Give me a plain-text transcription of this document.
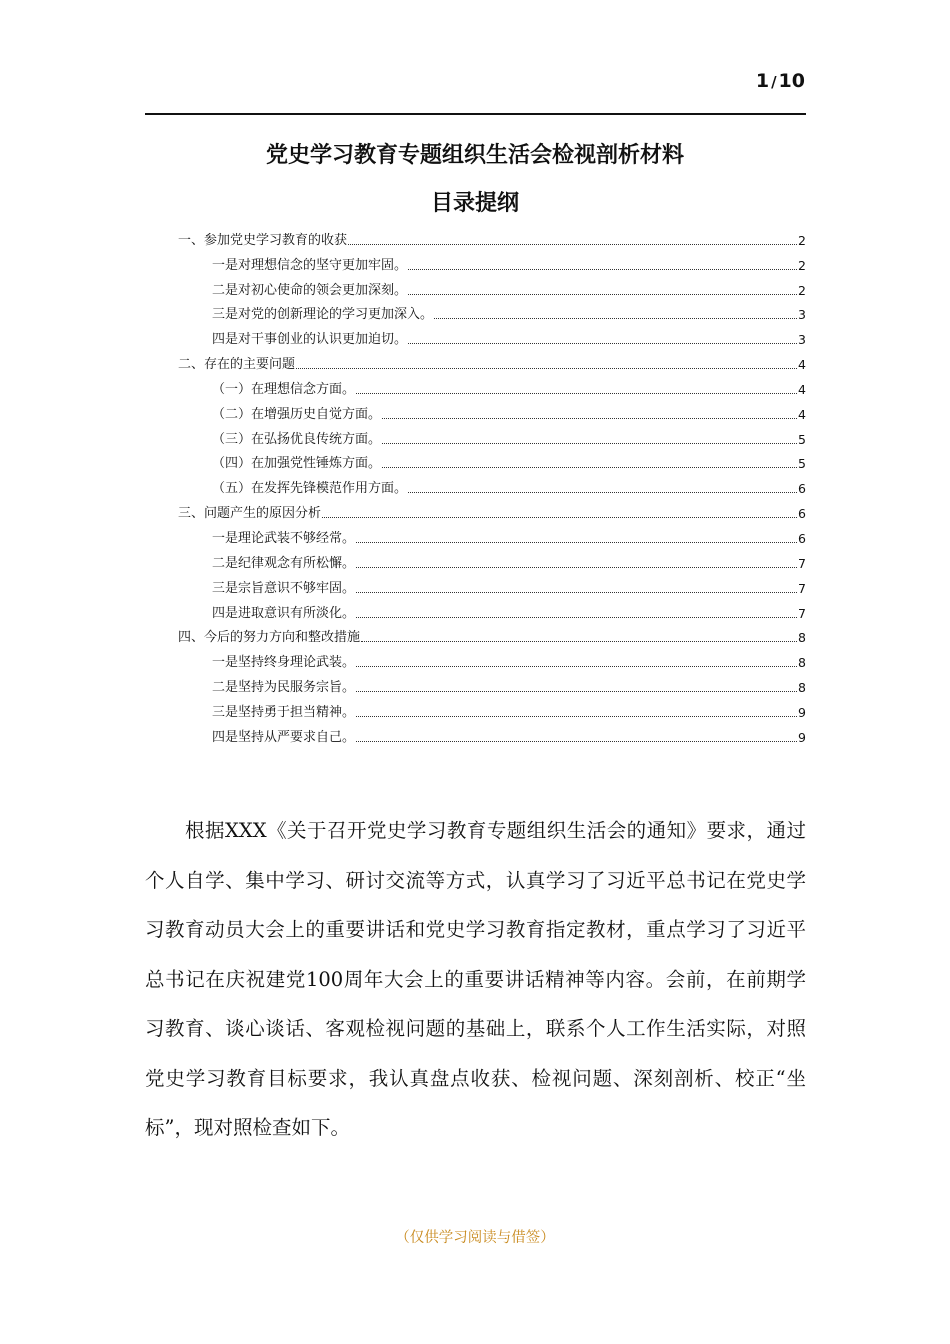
1 / 10
党史学习教育专题组织生活会检视剖析材料
目录提纲
一、参加党史学习教育的收获	2
一是对理想信念的坚守更加牢固。	2
二是对初心使命的领会更加深刻。	2
三是对党的创新理论的学习更加深入。	3
四是对干事创业的认识更加迫切。	3
二、存在的主要问题	4
（一）在理想信念方面。	4
（二）在增强历史自觉方面。	4
（三）在弘扬优良传统方面。	5
（四）在加强党性锤炼方面。	5
（五）在发挥先锋模范作用方面。	6
三、问题产生的原因分析	6
一是理论武装不够经常。	6
二是纪律观念有所松懈。	7
三是宗旨意识不够牢固。	7
四是进取意识有所淡化。	7
四、今后的努力方向和整改措施	8
一是坚持终身理论武装。	8
二是坚持为民服务宗旨。	8
三是坚持勇于担当精神。	9
四是坚持从严要求自己。	9

根据XXX《关于召开党史学习教育专题组织生活会的通知》要求，通过个人自学、集中学习、研讨交流等方式，认真学习了习近平总书记在党史学习教育动员大会上的重要讲话和党史学习教育指定教材，重点学习了习近平总书记在庆祝建党100周年大会上的重要讲话精神等内容。会前，在前期学习教育、谈心谈话、客观检视问题的基础上，联系个人工作生活实际，对照党史学习教育目标要求，我认真盘点收获、检视问题、深刻剖析、校正“坐标”，现对照检查如下。

（仅供学习阅读与借签）
